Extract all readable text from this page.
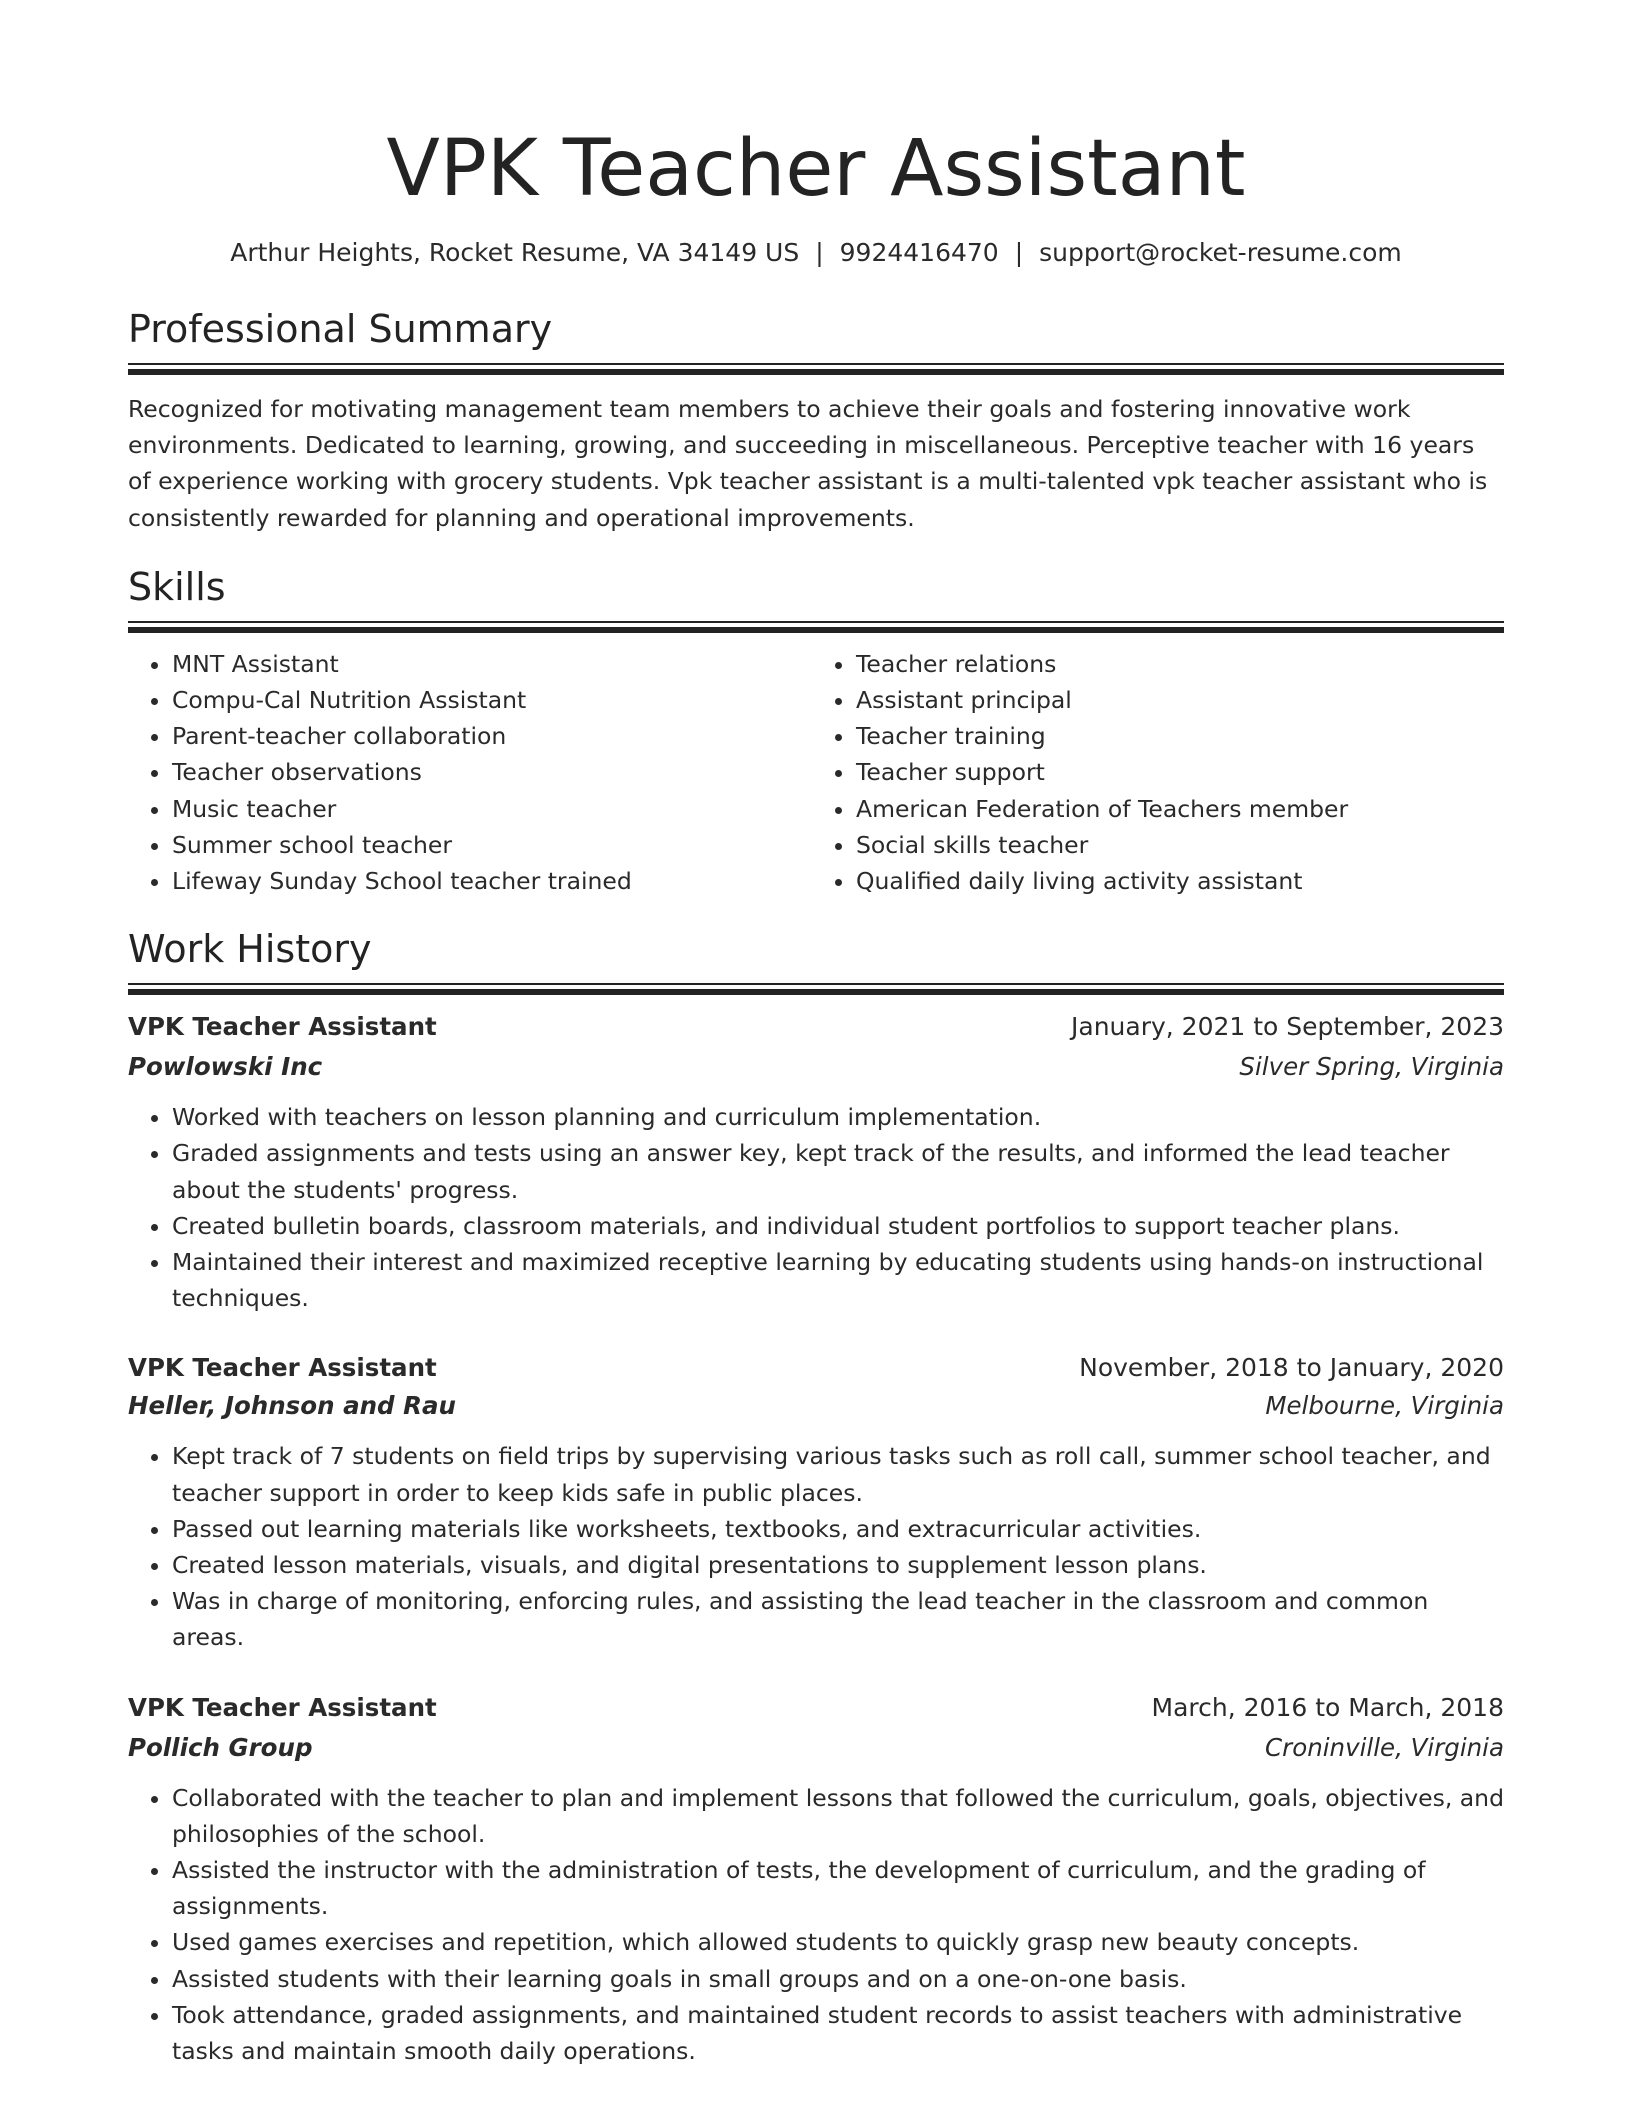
VPK Teacher Assistant
Arthur Heights, Rocket Resume, VA 34149 US | 9924416470 | support@rocket-resume.com
Professional Summary

Recognized for motivating management team members to achieve their goals and fostering innovative work environments. Dedicated to learning, growing, and succeeding in miscellaneous. Perceptive teacher with 16 years of experience working with grocery students. Vpk teacher assistant is a multi-talented vpk teacher assistant who is consistently rewarded for planning and operational improvements.

Skills
• MNT Assistant
• Compu-Cal Nutrition Assistant
• Parent-teacher collaboration
• Teacher observations
• Music teacher
• Summer school teacher
• Lifeway Sunday School teacher trained
• Teacher relations
• Assistant principal
• Teacher training
• Teacher support
• American Federation of Teachers member
• Social skills teacher
• Qualified daily living activity assistant
Work History
VPK Teacher Assistant	January, 2021 to September, 2023
Powlowski Inc	Silver Spring, Virginia
• Worked with teachers on lesson planning and curriculum implementation.
• Graded assignments and tests using an answer key, kept track of the results, and informed the lead teacher about the students' progress.
• Created bulletin boards, classroom materials, and individual student portfolios to support teacher plans.
• Maintained their interest and maximized receptive learning by educating students using hands-on instructional techniques.
VPK Teacher Assistant	November, 2018 to January, 2020
Heller, Johnson and Rau	Melbourne, Virginia
• Kept track of 7 students on field trips by supervising various tasks such as roll call, summer school teacher, and teacher support in order to keep kids safe in public places.
• Passed out learning materials like worksheets, textbooks, and extracurricular activities.
• Created lesson materials, visuals, and digital presentations to supplement lesson plans.
• Was in charge of monitoring, enforcing rules, and assisting the lead teacher in the classroom and common areas.
VPK Teacher Assistant	March, 2016 to March, 2018
Pollich Group	Croninville, Virginia
• Collaborated with the teacher to plan and implement lessons that followed the curriculum, goals, objectives, and philosophies of the school.
• Assisted the instructor with the administration of tests, the development of curriculum, and the grading of assignments.
• Used games exercises and repetition, which allowed students to quickly grasp new beauty concepts.
• Assisted students with their learning goals in small groups and on a one-on-one basis.
• Took attendance, graded assignments, and maintained student records to assist teachers with administrative tasks and maintain smooth daily operations.
